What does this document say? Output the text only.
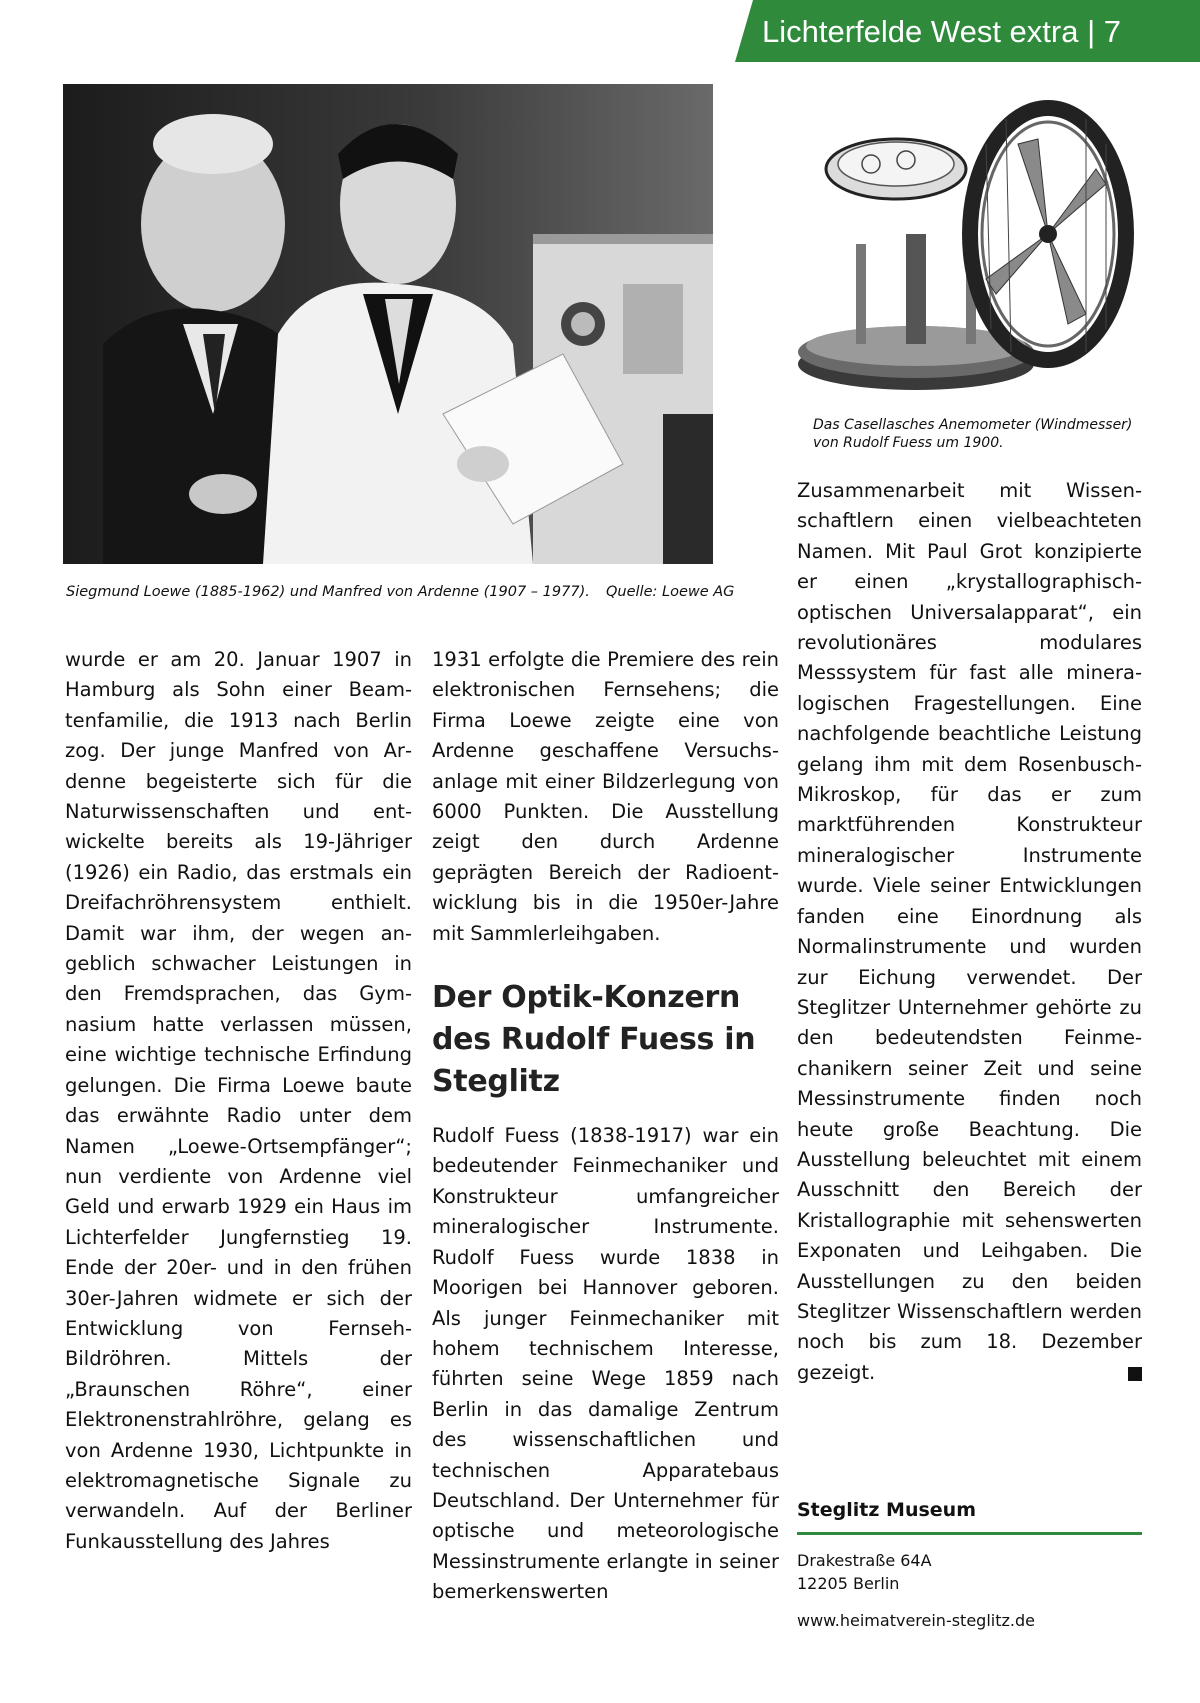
Lichterfelde West extra | 7
Siegmund Loewe (1885-1962) und Manfred von Ardenne (1907 – 1977).	Quelle: Loewe AG
Das Casellasches Anemometer (Windmesser)
von Rudolf Fuess um 1900.

wurde er am 20. Januar 1907 in Hamburg als Sohn einer Beamtenfamilie, die 1913 nach Berlin zog. Der junge Manfred von Ardenne begeisterte sich für die Naturwissenschaften und entwickelte bereits als 19-Jähriger (1926) ein Radio, das erstmals ein Dreifachröhrensystem enthielt. Damit war ihm, der wegen angeblich schwacher Leistungen in den Fremdsprachen, das Gymnasium hatte verlassen müssen, eine wichtige technische Erfindung gelungen. Die Firma Loewe baute das erwähnte Radio unter dem Namen „Loewe-Ortsempfänger“; nun verdiente von Ardenne viel Geld und erwarb 1929 ein Haus im Lichterfelder Jungfernstieg 19. Ende der 20er- und in den frühen 30er-Jahren widmete er sich der Entwicklung von Fernseh-Bildröhren. Mittels der „Braunschen Röhre“, einer Elektronenstrahlröhre, gelang es von Ardenne 1930, Lichtpunkte in elektromagnetische Signale zu verwandeln. Auf der Berliner Funkausstellung des Jahres

1931 erfolgte die Premiere des rein elektronischen Fernsehens; die Firma Loewe zeigte eine von Ardenne geschaffene Versuchsanlage mit einer Bildzerlegung von 6000 Punkten. Die Ausstellung zeigt den durch Ardenne geprägten Bereich der Radioentwicklung bis in die 1950er-Jahre mit Sammlerleihgaben.

Der Optik-Konzern des Rudolf Fuess in Steglitz

Rudolf Fuess (1838-1917) war ein bedeutender Feinmechaniker und Konstrukteur umfangreicher mineralogischer Instrumente. Rudolf Fuess wurde 1838 in Moorigen bei Hannover geboren. Als junger Feinmechaniker mit hohem technischem Interesse, führten seine Wege 1859 nach Berlin in das damalige Zentrum des wissenschaftlichen und technischen Apparatebaus Deutschland. Der Unternehmer für optische und meteorologische Messinstrumente erlangte in seiner bemerkenswerten

Zusammenarbeit mit Wissenschaftlern einen vielbeachteten Namen. Mit Paul Grot konzipierte er einen „krystallographisch-optischen Universalapparat“, ein revolutionäres modulares Messsystem für fast alle mineralogischen Fragestellungen. Eine nachfolgende beachtliche Leistung gelang ihm mit dem Rosenbusch-Mikroskop, für das er zum marktführenden Konstrukteur mineralogischer Instrumente wurde. Viele seiner Entwicklungen fanden eine Einordnung als Normalinstrumente und wurden zur Eichung verwendet. Der Steglitzer Unternehmer gehörte zu den bedeutendsten Feinmechanikern seiner Zeit und seine Messinstrumente finden noch heute große Beachtung. Die Ausstellung beleuchtet mit einem Ausschnitt den Bereich der Kristallographie mit sehenswerten Exponaten und Leihgaben. Die Ausstellungen zu den beiden Steglitzer Wissenschaftlern werden noch bis zum 18. Dezember gezeigt.

Steglitz Museum
Drakestraße 64A
12205 Berlin
www.heimatverein-steglitz.de
